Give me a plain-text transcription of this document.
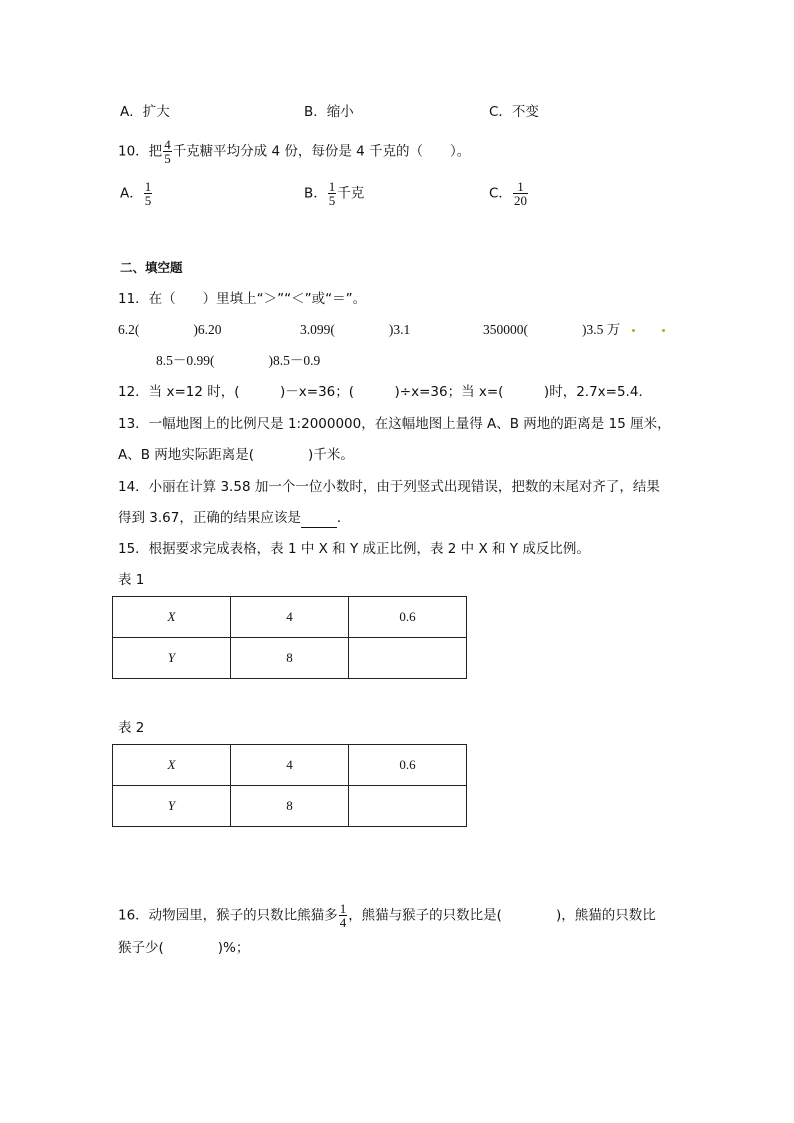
A．扩大	B．缩小	C．不变
10．把 $\frac{4}{5}$ 千克糖平均分成 4 份，每份是 4 千克的（　　）。
A． $\frac{1}{5}$	B． $\frac{1}{5}$ 千克	C． $\frac{1}{20}$
二、填空题
11．在（　　）里填上“＞”“＜”或“＝”。
6.2(　　　　)6.20	3.099(　　　　)3.1	350000(　　　　)3.5 万
8.5－0.99(　　　　)8.5－0.9
12．当 x=12 时，(　　　)－x=36；(　　　)÷x=36；当 x=(　　　)时，2.7x=5.4．
13．一幅地图上的比例尺是 1:2000000，在这幅地图上量得 A、B 两地的距离是 15 厘米，
A、B 两地实际距离是(　　　　)千米。
14．小丽在计算 3.58 加一个一位小数时，由于列竖式出现错误，把数的末尾对齐了，结果
得到 3.67，正确的结果应该是	．
15．根据要求完成表格，表 1 中 X 和 Y 成正比例，表 2 中 X 和 Y 成反比例。
表 1
X	4	0.6
Y	8	
表 2
X	4	0.6
Y	8	
16．动物园里，猴子的只数比熊猫多 $\frac{1}{4}$ ，熊猫与猴子的只数比是(　　　　)，熊猫的只数比
猴子少(　　　　)%；
